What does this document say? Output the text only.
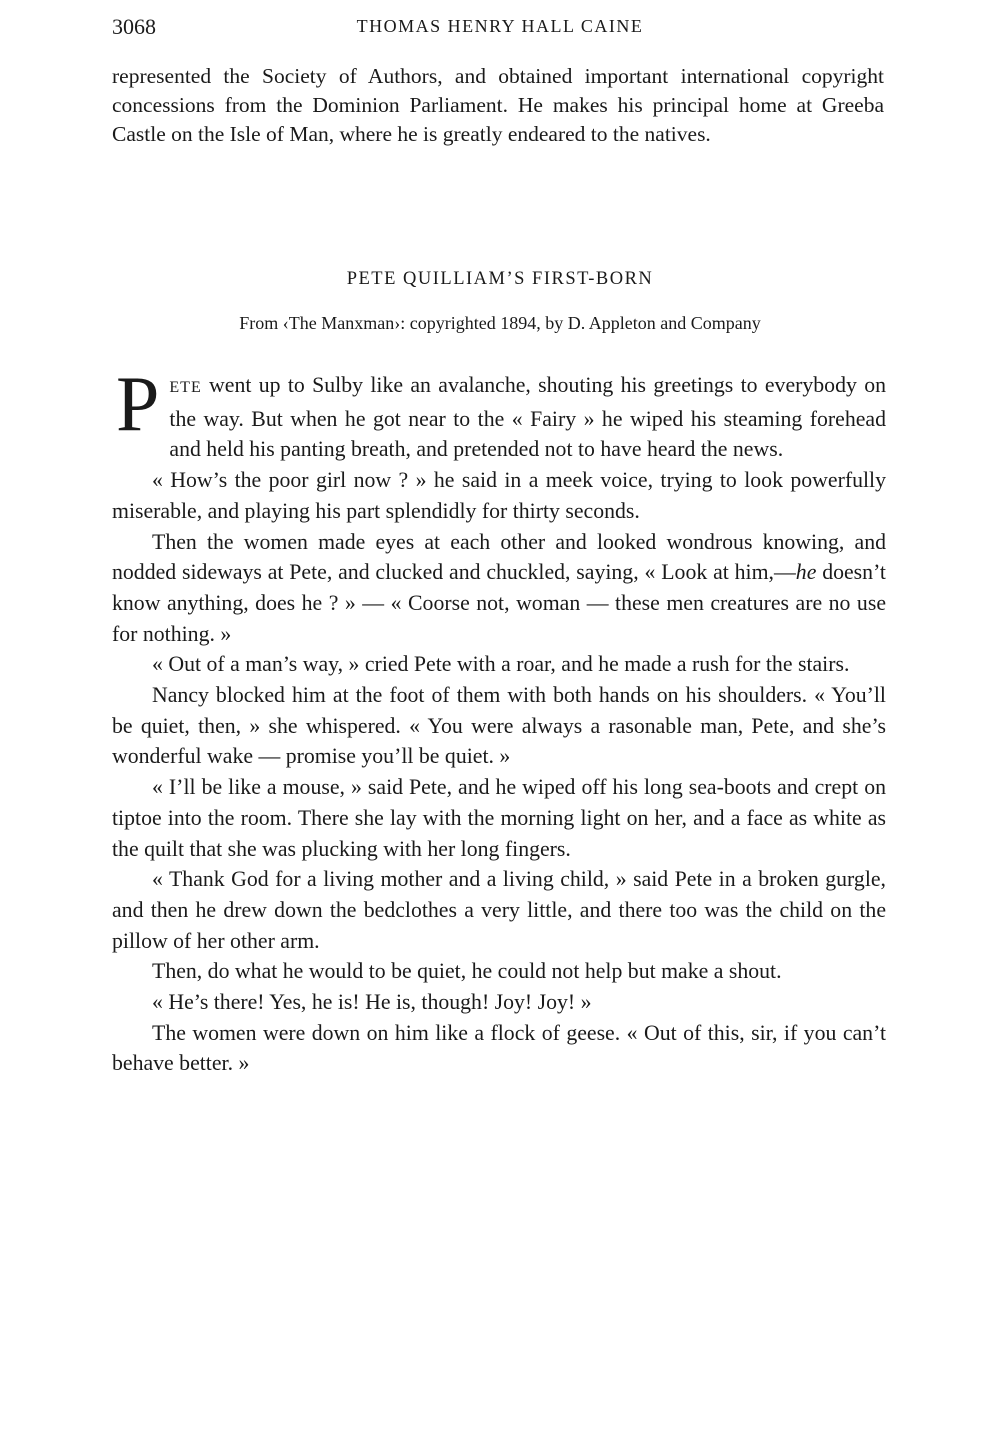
3068	THOMAS HENRY HALL CAINE

represented the Society of Authors, and obtained important international copyright concessions from the Dominion Parliament. He makes his principal home at Greeba Castle on the Isle of Man, where he is greatly endeared to the natives.

PETE QUILLIAM’S FIRST-BORN

From ‹The Manxman›: copyrighted 1894, by D. Appleton and Company

PETE went up to Sulby like an avalanche, shouting his greetings to everybody on the way. But when he got near to the « Fairy » he wiped his steaming forehead and held his panting breath, and pretended not to have heard the news.

« How’s the poor girl now ? » he said in a meek voice, trying to look powerfully miserable, and playing his part splendidly for thirty seconds.

Then the women made eyes at each other and looked wondrous knowing, and nodded sideways at Pete, and clucked and chuckled, saying, « Look at him,—he doesn’t know anything, does he ? » — « Coorse not, woman — these men creatures are no use for nothing. »

« Out of a man’s way, » cried Pete with a roar, and he made a rush for the stairs.

Nancy blocked him at the foot of them with both hands on his shoulders. « You’ll be quiet, then, » she whispered. « You were always a rasonable man, Pete, and she’s wonderful wake — promise you’ll be quiet. »

« I’ll be like a mouse, » said Pete, and he wiped off his long sea-boots and crept on tiptoe into the room. There she lay with the morning light on her, and a face as white as the quilt that she was plucking with her long fingers.

« Thank God for a living mother and a living child, » said Pete in a broken gurgle, and then he drew down the bedclothes a very little, and there too was the child on the pillow of her other arm.

Then, do what he would to be quiet, he could not help but make a shout.

« He’s there! Yes, he is! He is, though! Joy! Joy! »

The women were down on him like a flock of geese. « Out of this, sir, if you can’t behave better. »
